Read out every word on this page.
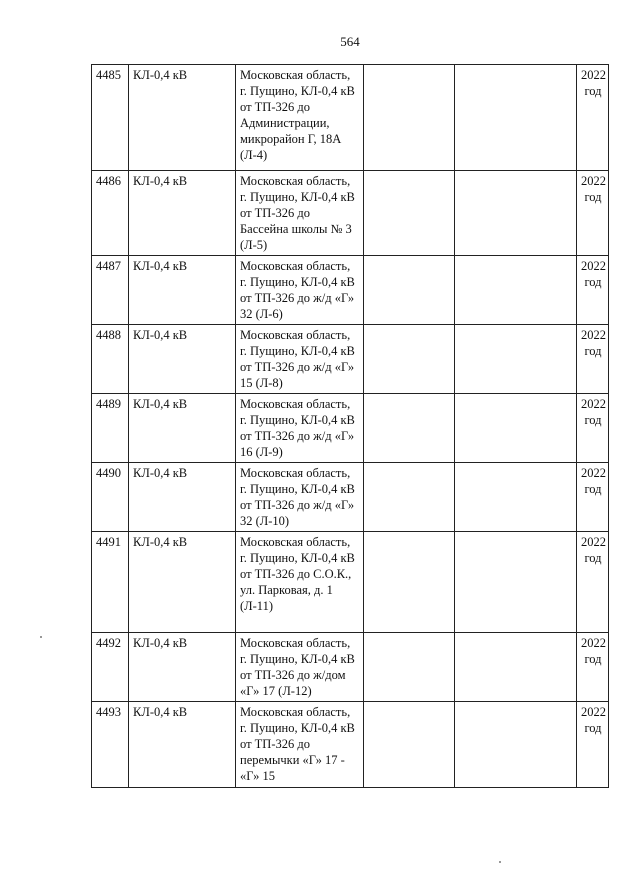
564
4485	КЛ-0,4 кВ	Московская область, г. Пущино, КЛ-0,4 кВ от ТП-326 до Администрации, микрорайон Г, 18А (Л-4)			2022 год
4486	КЛ-0,4 кВ	Московская область, г. Пущино, КЛ-0,4 кВ от ТП-326 до Бассейна школы № 3 (Л-5)			2022 год
4487	КЛ-0,4 кВ	Московская область, г. Пущино, КЛ-0,4 кВ от ТП-326 до ж/д «Г» 32 (Л-6)			2022 год
4488	КЛ-0,4 кВ	Московская область, г. Пущино, КЛ-0,4 кВ от ТП-326 до ж/д «Г» 15 (Л-8)			2022 год
4489	КЛ-0,4 кВ	Московская область, г. Пущино, КЛ-0,4 кВ от ТП-326 до ж/д «Г» 16 (Л-9)			2022 год
4490	КЛ-0,4 кВ	Московская область, г. Пущино, КЛ-0,4 кВ от ТП-326 до ж/д «Г» 32 (Л-10)			2022 год
4491	КЛ-0,4 кВ	Московская область, г. Пущино, КЛ-0,4 кВ от ТП-326 до С.О.К., ул. Парковая, д. 1 (Л-11)			2022 год
4492	КЛ-0,4 кВ	Московская область, г. Пущино, КЛ-0,4 кВ от ТП-326 до ж/дом «Г» 17 (Л-12)			2022 год
4493	КЛ-0,4 кВ	Московская область, г. Пущино, КЛ-0,4 кВ от ТП-326 до перемычки «Г» 17 - «Г» 15			2022 год
